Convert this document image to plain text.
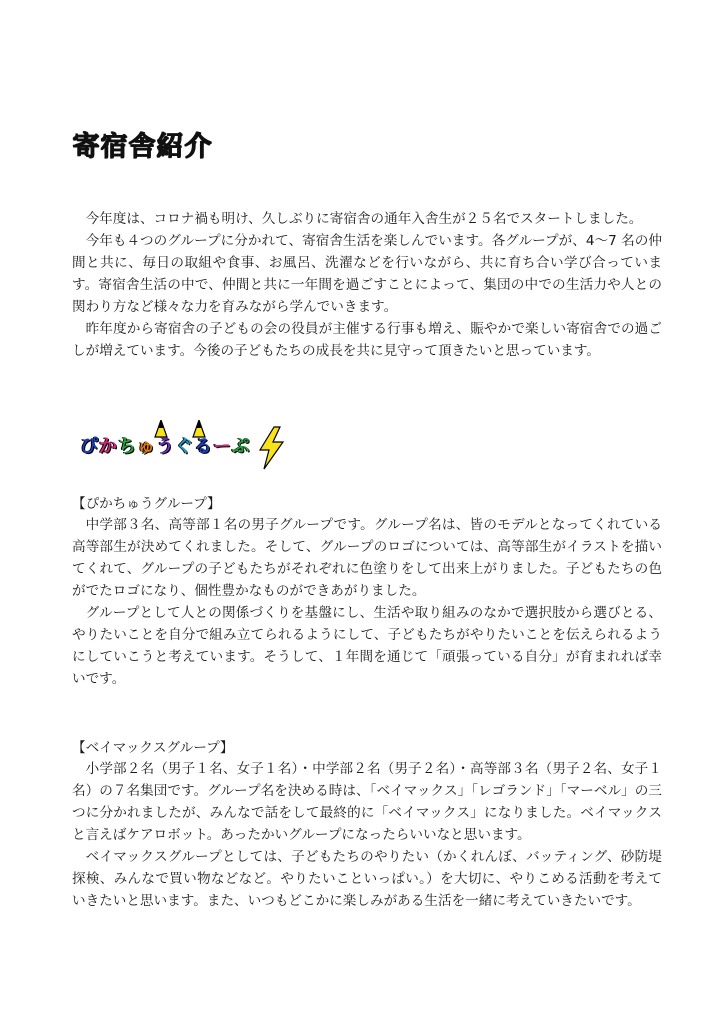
寄宿舎紹介

今年度は、コロナ禍も明け、久しぶりに寄宿舎の通年入舎生が２５名でスタートしました。

今年も４つのグループに分かれて、寄宿舎生活を楽しんでいます。各グループが、4〜7 名の仲間と共に、毎日の取組や食事、お風呂、洗濯などを行いながら、共に育ち合い学び合っています。寄宿舎生活の中で、仲間と共に一年間を過ごすことによって、集団の中での生活力や人との関わり方など様々な力を育みながら学んでいきます。

昨年度から寄宿舎の子どもの会の役員が主催する行事も増え、賑やかで楽しい寄宿舎での過ごしが増えています。今後の子どもたちの成長を共に見守って頂きたいと思っています。

ぴかちゅうぐるーぷ
【ぴかちゅうグループ】

中学部３名、高等部１名の男子グループです。グループ名は、皆のモデルとなってくれている高等部生が決めてくれました。そして、グループのロゴについては、高等部生がイラストを描いてくれて、グループの子どもたちがそれぞれに色塗りをして出来上がりました。子どもたちの色がでたロゴになり、個性豊かなものができあがりました。

グループとして人との関係づくりを基盤にし、生活や取り組みのなかで選択肢から選びとる、やりたいことを自分で組み立てられるようにして、子どもたちがやりたいことを伝えられるようにしていこうと考えています。そうして、１年間を通じて「頑張っている自分」が育まれれば幸いです。

【ベイマックスグループ】

小学部２名（男子１名、女子１名）・中学部２名（男子２名）・高等部３名（男子２名、女子１名）の７名集団です。グループ名を決める時は、「ベイマックス」「レゴランド」「マーベル」の三つに分かれましたが、みんなで話をして最終的に「ベイマックス」になりました。ベイマックスと言えばケアロボット。あったかいグループになったらいいなと思います。

ベイマックスグループとしては、子どもたちのやりたい（かくれんぼ、バッティング、砂防堤探検、みんなで買い物などなど。やりたいこといっぱい。）を大切に、やりこめる活動を考えていきたいと思います。また、いつもどこかに楽しみがある生活を一緒に考えていきたいです。
